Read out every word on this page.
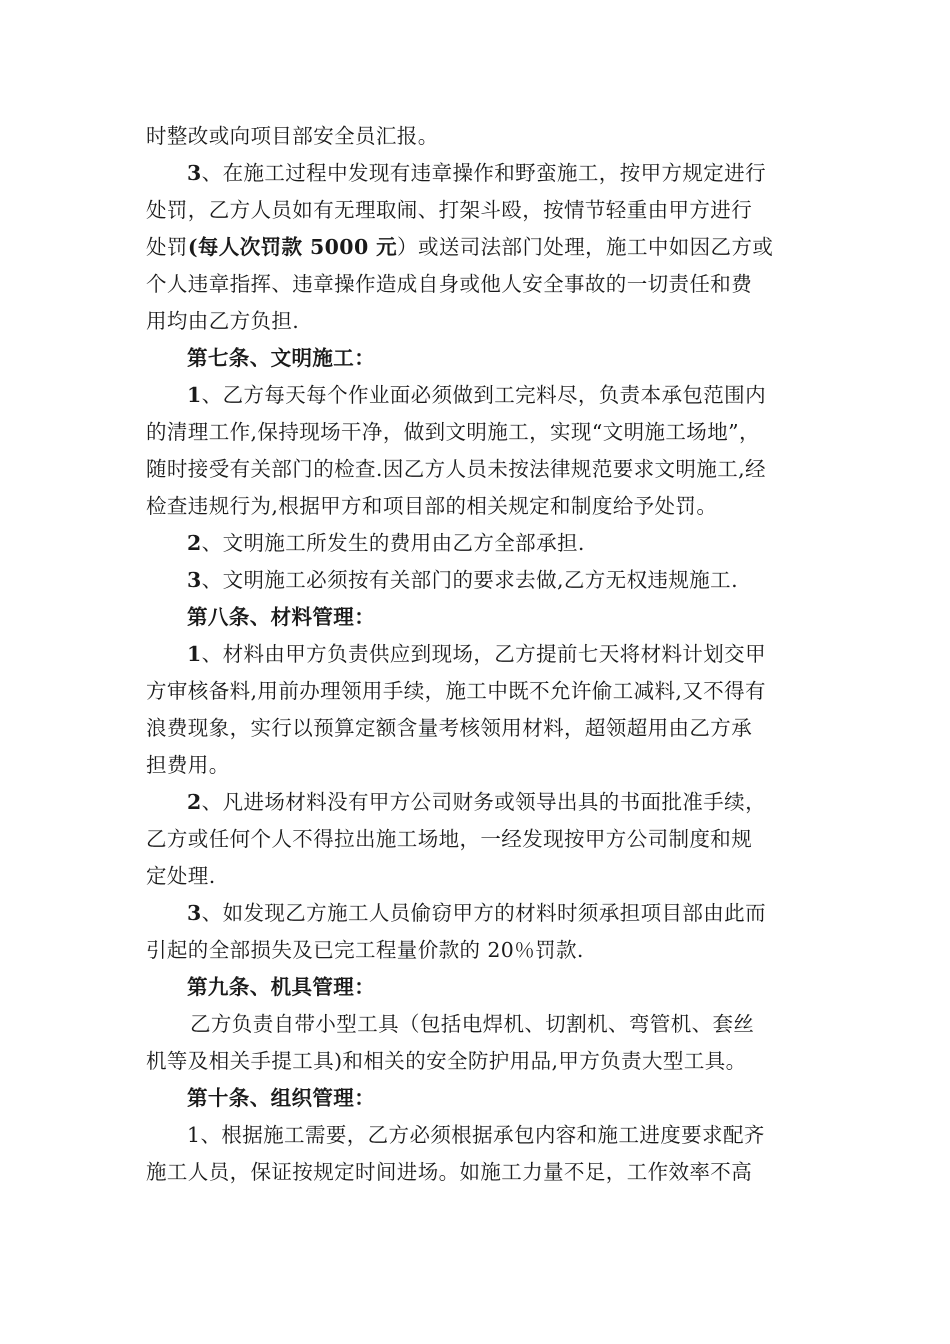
时整改或向项目部安全员汇报。
3、在施工过程中发现有违章操作和野蛮施工，按甲方规定进行
处罚，乙方人员如有无理取闹、打架斗殴，按情节轻重由甲方进行
处罚(每人次罚款 5000 元）或送司法部门处理，施工中如因乙方或
个人违章指挥、违章操作造成自身或他人安全事故的一切责任和费
用均由乙方负担.
第七条、文明施工：
1、乙方每天每个作业面必须做到工完料尽，负责本承包范围内
的清理工作,保持现场干净，做到文明施工，实现“文明施工场地”，
随时接受有关部门的检查.因乙方人员未按法律规范要求文明施工,经
检查违规行为,根据甲方和项目部的相关规定和制度给予处罚。
2、文明施工所发生的费用由乙方全部承担.
3、文明施工必须按有关部门的要求去做,乙方无权违规施工.
第八条、材料管理：
1、材料由甲方负责供应到现场，乙方提前七天将材料计划交甲
方审核备料,用前办理领用手续，施工中既不允许偷工减料,又不得有
浪费现象，实行以预算定额含量考核领用材料，超领超用由乙方承
担费用。
2、凡进场材料没有甲方公司财务或领导出具的书面批准手续，
乙方或任何个人不得拉出施工场地，一经发现按甲方公司制度和规
定处理.
3、如发现乙方施工人员偷窃甲方的材料时须承担项目部由此而
引起的全部损失及已完工程量价款的 20％罚款.
第九条、机具管理：
乙方负责自带小型工具（包括电焊机、切割机、弯管机、套丝
机等及相关手提工具)和相关的安全防护用品,甲方负责大型工具。
第十条、组织管理：
1、根据施工需要，乙方必须根据承包内容和施工进度要求配齐
施工人员，保证按规定时间进场。如施工力量不足，工作效率不高
